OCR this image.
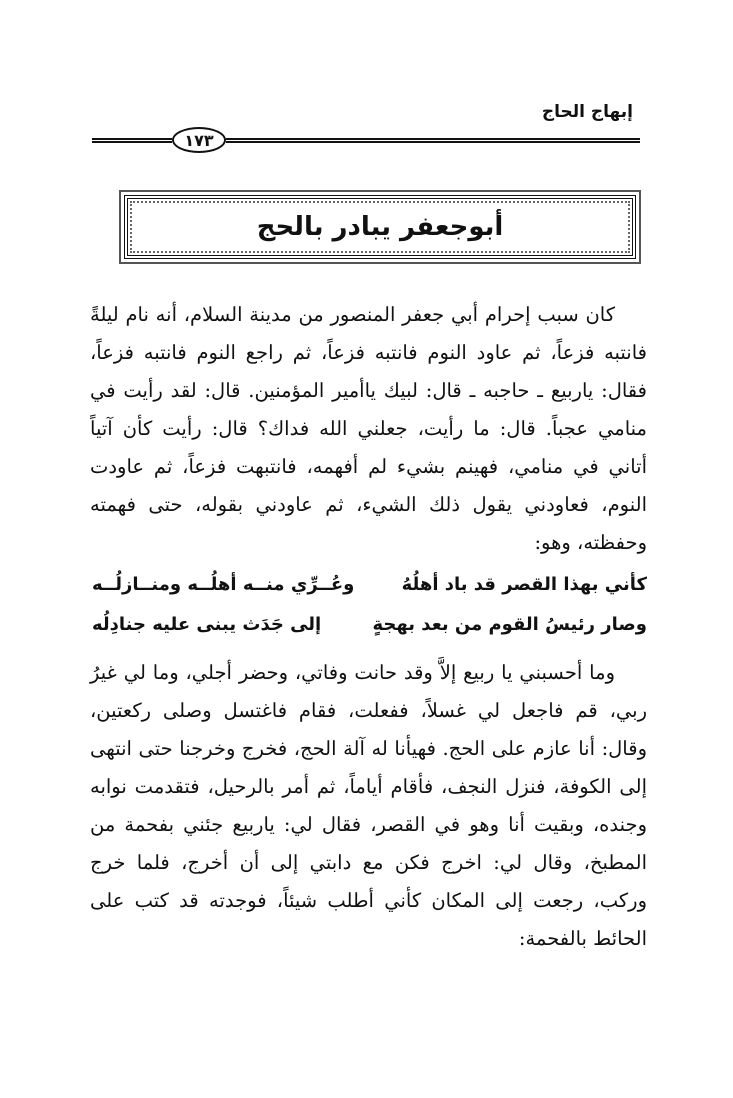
إبهاج الحاج
١٧٣
أبوجعفر يبادر بالحج

كان سبب إحرام أبي جعفر المنصور من مدينة السلام، أنه نام ليلةً فانتبه فزعاً، ثم عاود النوم فانتبه فزعاً، ثم راجع النوم فانتبه فزعاً، فقال: ياربيع ـ حاجبه ـ قال: لبيك ياأمير المؤمنين. قال: لقد رأيت في منامي عجباً. قال: ما رأيت، جعلني الله فداك؟ قال: رأيت كأن آتياً أتاني في منامي، فهينم بشيء لم أفهمه، فانتبهت فزعاً، ثم عاودت النوم، فعاودني يقول ذلك الشيء، ثم عاودني بقوله، حتى فهمته وحفظته، وهو:

كأني بهذا القصر قد باد أهلُهُ
وعُــرِّي منــه أهلُــه ومنــازلُــه
وصار رئيسُ القوم من بعد بهجةٍ
إلى جَدَث يبنى عليه جنادِلُه

وما أحسبني يا ربيع إلاَّ وقد حانت وفاتي، وحضر أجلي، وما لي غيرُ ربي، قم فاجعل لي غسلاً، ففعلت، فقام فاغتسل وصلى ركعتين، وقال: أنا عازم على الحج. فهيأنا له آلة الحج، فخرج وخرجنا حتى انتهى إلى الكوفة، فنزل النجف، فأقام أياماً، ثم أمر بالرحيل، فتقدمت نوابه وجنده، وبقيت أنا وهو في القصر، فقال لي: ياربيع جئني بفحمة من المطبخ، وقال لي: اخرج فكن مع دابتي إلى أن أخرج، فلما خرج وركب، رجعت إلى المكان كأني أطلب شيئاً، فوجدته قد كتب على الحائط بالفحمة:
